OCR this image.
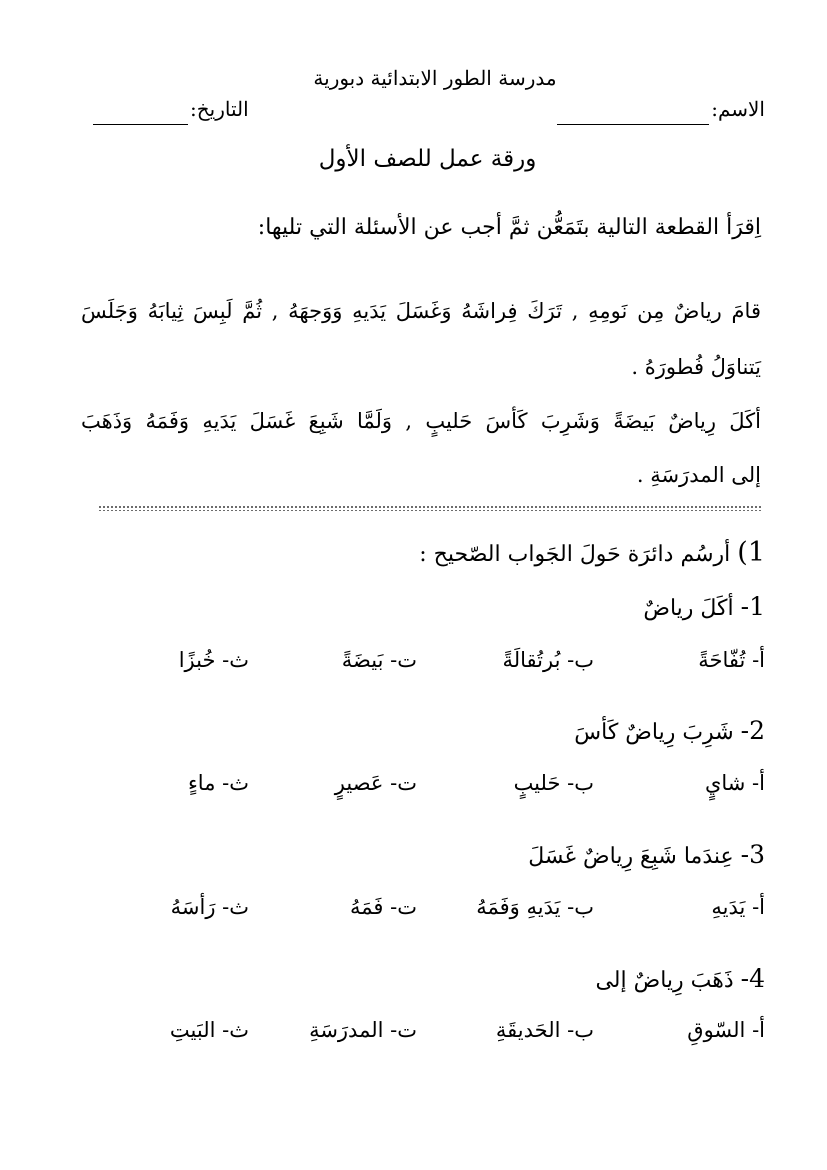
مدرسة الطور الابتدائية دبورية
الاسم:
التاريخ:
ورقة عمل للصف الأول
اِقرَأ القطعة التالية بتَمَعُّن ثمَّ أجب عن الأسئلة التي تليها:
قامَ رياضٌ مِن نَومِهِ , تَرَكَ فِراشَهُ وَغَسَلَ يَدَيهِ وَوَجهَهُ , ثُمَّ لَبِسَ ثِيابَهُ وَجَلَسَ
يَتناوَلُ فُطورَهُ .
أكَلَ رِياضٌ بَيضَةً وَشَرِبَ كَأسَ حَليبٍ , وَلَمَّا شَبِعَ غَسَلَ يَدَيهِ وَفَمَهُ وَذَهَبَ
إلى المدرَسَةِ .
1) أرسُم دائرَة حَولَ الجَواب الصّحيح :
1- أكَلَ رياضٌ
أ- تُفّاحَةً
ب- بُرتُقالَةً
ت- بَيضَةً
ث- خُبزًا
2- شَرِبَ رِياضٌ كَأسَ
أ- شايٍ
ب- حَليبٍ
ت- عَصيرٍ
ث- ماءٍ
3- عِندَما شَبِعَ رِياضٌ غَسَلَ
أ- يَدَيهِ
ب- يَدَيهِ وَفَمَهُ
ت- فَمَهُ
ث- رَأسَهُ
4- ذَهَبَ رِياضٌ إلى
أ- السّوقِ
ب- الحَديقَةِ
ت- المدرَسَةِ
ث- البَيتِ
